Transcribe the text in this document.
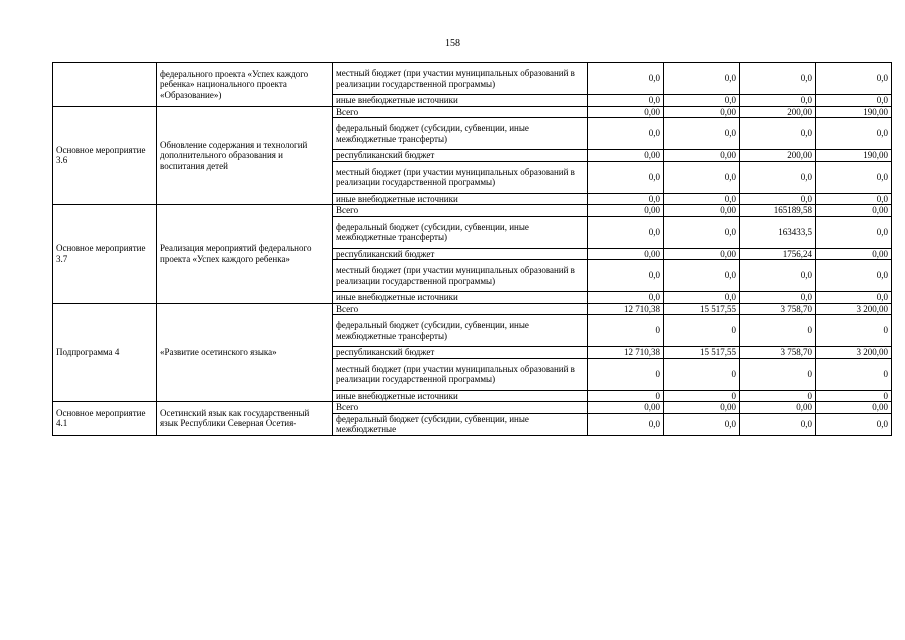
158
	федерального проекта «Успех каждого ребенка» национального проекта «Образование»)	местный бюджет (при участии муниципальных образований в реализации государственной программы)	0,0	0,0	0,0	0,0
		иные внебюджетные источники	0,0	0,0	0,0	0,0
Основное мероприятие 3.6	Обновление содержания и технологий дополнительного образования и воспитания детей	Всего	0,00	0,00	200,00	190,00
		федеральный бюджет (субсидии, субвенции, иные межбюджетные трансферты)	0,0	0,0	0,0	0,0
		республиканский бюджет	0,00	0,00	200,00	190,00
		местный бюджет (при участии муниципальных образований в реализации государственной программы)	0,0	0,0	0,0	0,0
		иные внебюджетные источники	0,0	0,0	0,0	0,0
Основное мероприятие 3.7	Реализация мероприятий федерального проекта «Успех каждого ребенка»	Всего	0,00	0,00	165189,58	0,00
		федеральный бюджет (субсидии, субвенции, иные межбюджетные трансферты)	0,0	0,0	163433,5	0,0
		республиканский бюджет	0,00	0,00	1756,24	0,00
		местный бюджет (при участии муниципальных образований в реализации государственной программы)	0,0	0,0	0,0	0,0
		иные внебюджетные источники	0,0	0,0	0,0	0,0
Подпрограмма 4	«Развитие осетинского языка»	Всего	12 710,38	15 517,55	3 758,70	3 200,00
		федеральный бюджет (субсидии, субвенции, иные межбюджетные трансферты)	0	0	0	0
		республиканский бюджет	12 710,38	15 517,55	3 758,70	3 200,00
		местный бюджет (при участии муниципальных образований в реализации государственной программы)	0	0	0	0
		иные внебюджетные источники	0	0	0	0
Основное мероприятие 4.1	Осетинский язык как государственный язык Республики Северная Осетия-	Всего	0,00	0,00	0,00	0,00
		федеральный бюджет (субсидии, субвенции, иные межбюджетные	0,0	0,0	0,0	0,0
